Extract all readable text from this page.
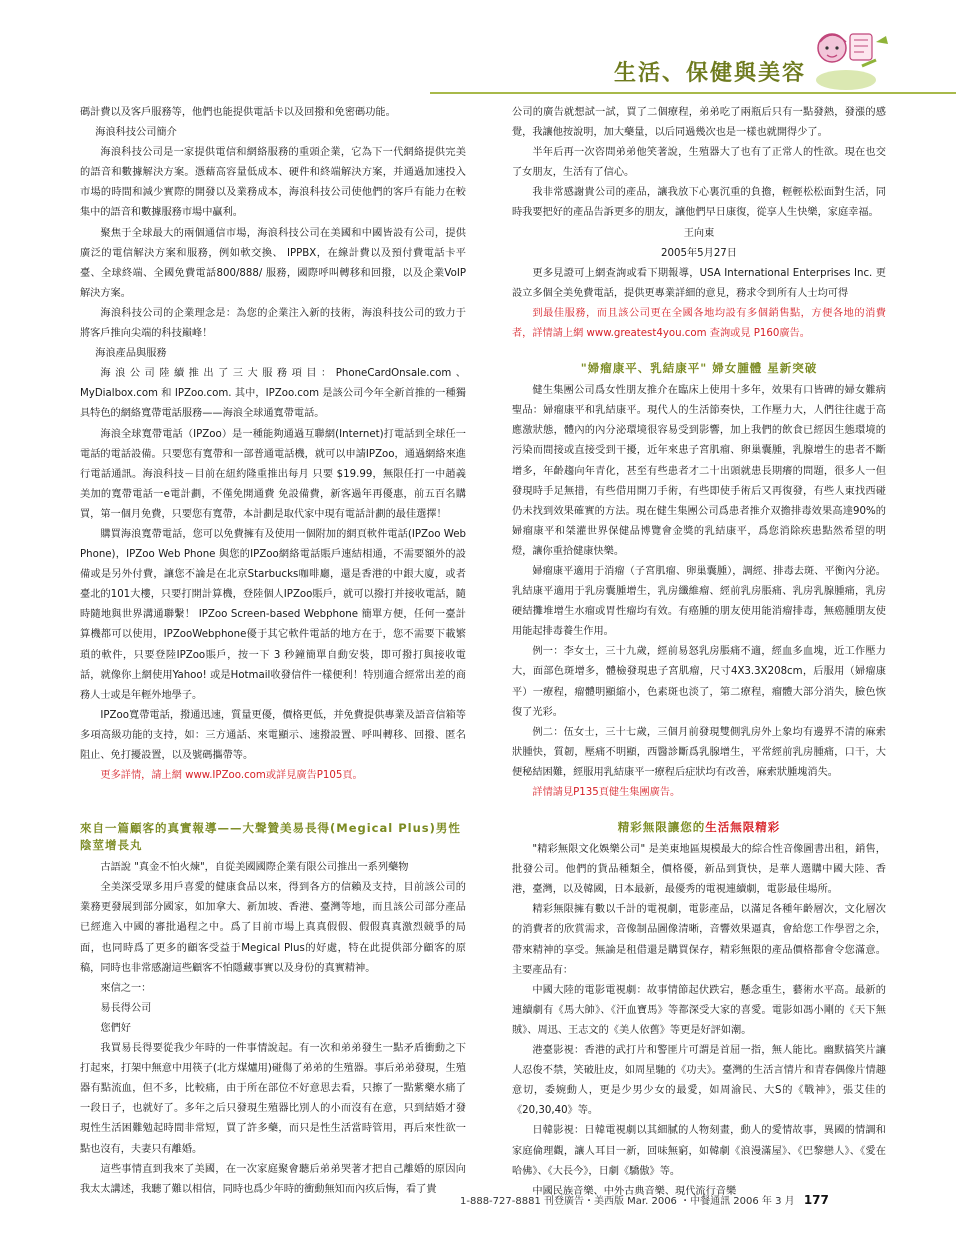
生活、保健與美容

碼計費以及客戶服務等，他們也能提供電話卡以及回撥和免密碼功能。

海浪科技公司簡介

海浪科技公司是一家提供電信和網絡服務的重頭企業，它為下一代網絡提供完美的語音和數據解決方案。憑藉高容量低成本、硬件和終端解決方案，并通過加速投入市場的時間和減少實際的開發以及業務成本，海浪科技公司使他們的客戶有能力在較集中的語音和數據服務市場中贏利。

聚焦于全球最大的兩個通信市場，海浪科技公司在美國和中國皆設有公司，提供廣泛的電信解決方案和服務，例如軟交換、 IPPBX，在線計費以及預付費電話卡平臺、全球終端、全國免費電話800/888/ 服務，國際呼叫轉移和回撥，以及企業VoIP解決方案。

海浪科技公司的企業理念是：為您的企業注入新的技術，海浪科技公司的致力于將客戶推向尖端的科技巔峰！

海浪產品與服務

海浪公司陸續推出了三大服務項目：PhoneCardOnsale.com、MyDialbox.com 和 IPZoo.com. 其中，IPZoo.com 是該公司今年全新首推的一種獨具特色的網絡寬帶電話服務——海浪全球通寬帶電話。

海浪全球寬帶電話（IPZoo）是一種能夠通過互聯網(Internet)打電話到全球任一電話的電話設備。只要您有寬帶和一部普通電話機，就可以申請IPZoo，通過網絡來進行電話通訊。海浪科技－目前在紐約隆重推出每月 只要 $19.99，無限任打一中趙義美加的寬帶電話一e電計劃，不僅免開通費 免設備費，新客過年再優惠，前五百名購買，第一個月免費，只要您有寬帶，本計劃是取代家中現有電話計劃的最佳選擇！

購買海浪寬帶電話，您可以免費擁有及使用一個附加的網頁軟件電話(IPZoo Web Phone)，IPZoo Web Phone 與您的IPZoo網絡電話賬戶連結相通，不需要額外的設備或是另外付費，讓您不論是在北京Starbucks咖啡廳，還是香港的中銀大廈，或者臺北的101大樓，只要打開計算機，登陸個人IPZoo賬戶，就可以撥打并接收電話，隨時隨地與世界溝通聯繫！ IPZoo Screen-based Webphone 簡單方便，任何一臺計算機都可以使用，IPZooWebphone優于其它軟件電話的地方在于，您不需要下載繁瑣的軟件，只要登陸IPZoo賬戶，按一下 3 秒鐘簡單自動安裝，即可撥打與接收電話，就像你上網使用Yahoo! 或是Hotmail收發信件一樣便利！特別適合經常出差的商務人士或是年輕外地學子。

IPZoo寬帶電話，撥通迅速，質量更優，價格更低，并免費提供專業及語音信箱等多項高級功能的支持，如：三方通話、來電顯示、速撥設置、呼叫轉移、回撥、匿名阻止、免打擾設置，以及號碼攜帶等。

更多詳情，請上網 www.IPZoo.com或詳見廣告P105頁。

來自一篇顧客的真實報導——大聲贊美易長得(Megical Plus)男性陰莖增長丸

古語說 "真金不怕火煉"，自從美國國際企業有限公司推出一系列藥物

全美深受眾多用戶喜愛的健康食品以來，得到各方的信賴及支持，目前該公司的業務更發展到部分國家，如加拿大、新加坡、香港、臺灣等地，而且該公司部分產品已經進入中國的審批過程之中。爲了目前市場上真真假假、假假真真激烈競爭的局面，也同時爲了更多的顧客受益于Megical Plus的好處，特在此提供部分顧客的原稿，同時也非常感謝這些顧客不怕隱藏事實以及身份的真實精神。

來信之一：

易長得公司

您們好

我買易長得要從我少年時的一件事情說起。有一次和弟弟發生一點矛盾衝動之下打起來，打架中無意中用筷子(北方煤爐用)碰傷了弟弟的生殖器。事后弟弟發現，生殖器有點流血，但不多，比較痛，由于所在部位不好意思去看，只擦了一點紫藥水痛了一段日子，也就好了。多年之后只發現生殖器比別人的小而沒有在意，只到結婚才發現性生活困難勉起時間非常短，買了許多藥，而只是性生活當時管用，再后來性欲一點也沒有，夫妻只有離婚。

這些事情直到我來了美國，在一次家庭聚會聽后弟弟哭著才把自己離婚的原因向我太太講述，我聽了難以相信，同時也爲少年時的衝動無知而內疚后悔，看了貴

公司的廣告就想試一試，買了二個療程，弟弟吃了兩瓶后只有一點發熱，發漲的感覺，我讓他按說明，加大藥量，以后同過幾次也是一樣也就開得少了。

半年后再一次咨問弟弟他笑著說，生殖器大了也有了正常人的性欲。現在也交了女朋友，生活有了信心。

我非常感謝貴公司的產品，讓我放下心裏沉重的負擔，輕輕松松面對生活，同時我要把好的產品告訴更多的朋友，讓他們早日康復，從享人生快樂，家庭幸福。

王向東

2005年5月27日

更多見證可上網查詢或看下期報導，USA International Enterprises Inc. 更設立多個全美免費電話，提供更專業詳細的意見，務求令到所有人士均可得

到最佳服務，而且該公司更在全國各地均設有多個銷售點，方便各地的消費者，詳情請上網 www.greatest4you.com 查詢或見 P160廣告。

"婦瘤康平、乳結康平" 婦女腫體 星新突破

健生集團公司爲女性朋友推介在臨床上使用十多年，效果有口皆碑的婦女難病聖品：婦瘤康平和乳結康平。現代人的生活節奏快，工作壓力大，人們往往處于高應激狀態，體內的內分泌環境很容易受到影響，加上我們的飲食已經因生態環境的污染而間接或直接受到干擾，近年來患子宮肌瘤、卵巢囊腫，乳腺增生的患者不斷增多，年齡趨向年青化，甚至有些患者才二十出頭就患長期癢的問題，很多人一但發現時手足無措，有些借用開刀手術，有些即使手術后又再復發，有些人東找西碰仍未找到效果確實的方法。現在健生集團公司爲患者推介双擔排毒效果高達90%的婦瘤康平和桀灌世界保健品博覽會金獎的乳結康平，爲您消除疾患點然希望的明燈，讓你重拾健康快樂。

婦瘤康平適用于消瘤（子宮肌瘤、卵巢囊腫），調經、排毒去斑、平衡內分泌。乳結康平適用于乳房囊腫增生，乳房纖維瘤、經前乳房脹痛、乳房乳腺腫痛，乳房硬結攤堆增生水瘤或胃性瘤均有效。有癌腫的朋友使用能消瘤排毒，無癌腫朋友使用能起排毒養生作用。

例一：李女士，三十九歲，經前易怒乳房脹痛不適，經血多血塊，近工作壓力大，面部色斑增多，體檢發現患子宮肌瘤，尺寸4X3.3X208cm，后服用（婦瘤康平）一療程，瘤體明顯縮小，色素斑也淡了，第二療程，瘤體大部分消失，臉色恢復了光彩。

例二：伍女士，三十七歲，三個月前發現雙側乳房外上象均有邊界不清的麻索狀腫快，質韌，壓痛不明顯，西醫診斷爲乳腺增生，平常經前乳房腫痛，口干，大便秘結困難，經服用乳結康平一療程后症狀均有改善，麻索狀腫塊消失。

詳情請見P135頁健生集團廣告。

精彩無限讓您的生活無限精彩

"精彩無限文化娛樂公司" 是美東地區規模最大的綜合性音像圖書出租，銷售，批發公司。他們的貨品種類全，價格優，新品到貨快，是華人選購中國大陸、香港，臺灣，以及韓國，日本最新，最優秀的電視連續劇，電影最佳場所。

精彩無限擁有數以千計的電視劇，電影產品，以滿足各種年齡層次，文化層次的消費者的欣賞需求，音像制品圖像清晰，音響效果逼真，會給您工作學習之余，帶來精神的享受。無論是租借還是購買保存，精彩無限的產品價格都會令您滿意。主要產品有：

中國大陸的電影電視劇：故事情節起伏跌宕，懸念重生，藝術水平高。最新的連續劇有《馬大帥》、《汗血寶馬》等都深受大家的喜愛。電影如馮小剛的《天下無賊》、周迅、王志文的《美人依舊》等更是好評如潮。

港臺影視：香港的武打片和警匪片可謂是首屈一指，無人能比。幽默搞笑片讓人忍俊不禁，笑破肚皮，如周星馳的《功夫》。臺灣的生活言情片和青春偶像片情趣意切，委婉動人，更是少男少女的最愛，如周渝民、大S的《戰神》，張艾佳的《20,30,40》等。

日韓影視：日韓電視劇以其細膩的人物刻畫，動人的愛情故事，異國的情調和家庭倫理觀，讓人耳目一新，回味無窮，如韓劇《浪漫滿屋》、《巴黎戀人》、《愛在哈佛》、《大長今》，日劇《驕傲》等。

中國民族音樂、中外古典音樂、現代流行音樂

1-888-727-8881 刊登廣告・美西版 Mar. 2006 ・中餐通訊 2006 年 3 月 177
